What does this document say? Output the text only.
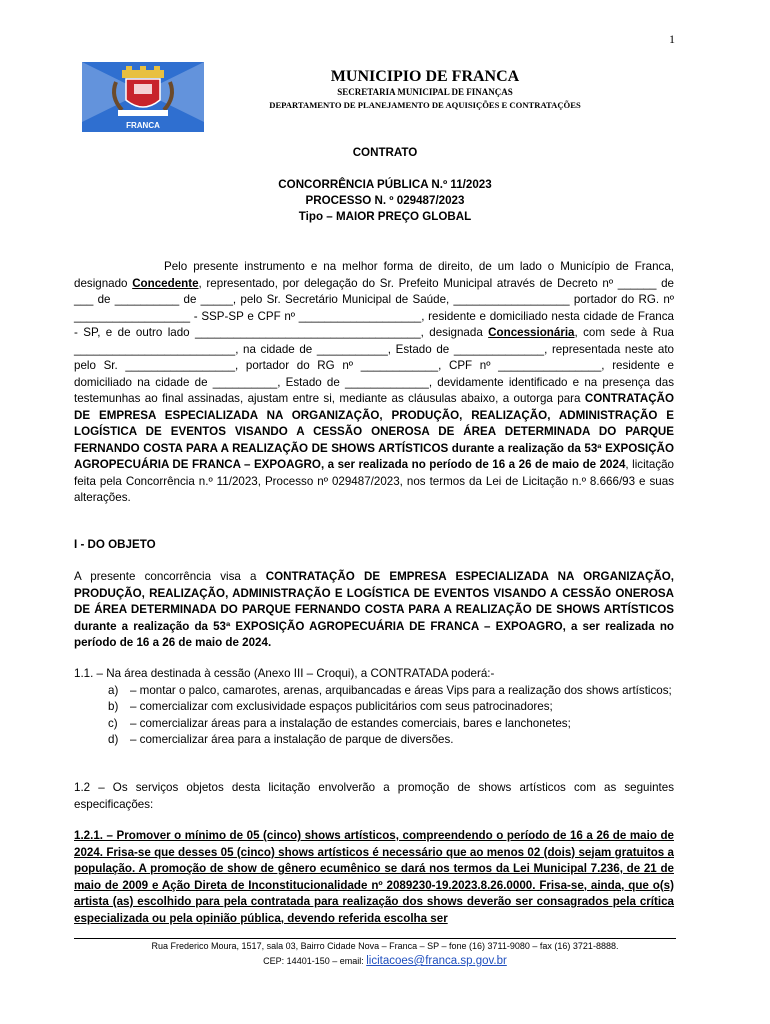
1
FRANCA
MUNICIPIO DE FRANCA
SECRETARIA MUNICIPAL DE FINANÇAS
DEPARTAMENTO DE PLANEJAMENTO DE AQUISIÇÕES E CONTRATAÇÕES
CONTRATO
CONCORRÊNCIA PÚBLICA N.º 11/2023
PROCESSO N. º 029487/2023
Tipo – MAIOR PREÇO GLOBAL

Pelo presente instrumento e na melhor forma de direito, de um lado o Município de Franca, designado Concedente, representado, por delegação do Sr. Prefeito Municipal através de Decreto nº ______ de ___ de __________ de _____, pelo Sr. Secretário Municipal de Saúde, __________________ portador do RG. nº __________________ - SSP-SP e CPF nº ___________________, residente e domiciliado nesta cidade de Franca - SP, e de outro lado ___________________________________, designada Concessionária, com sede à Rua _________________________, na cidade de ___________, Estado de ______________, representada neste ato pelo Sr. _________________, portador do RG nº ____________, CPF nº ________________, residente e domiciliado na cidade de __________, Estado de _____________, devidamente identificado e na presença das testemunhas ao final assinadas, ajustam entre si, mediante as cláusulas abaixo, a outorga para CONTRATAÇÃO DE EMPRESA ESPECIALIZADA NA ORGANIZAÇÃO, PRODUÇÃO, REALIZAÇÃO, ADMINISTRAÇÃO E LOGÍSTICA DE EVENTOS VISANDO A CESSÃO ONEROSA DE ÁREA DETERMINADA DO PARQUE FERNANDO COSTA PARA A REALIZAÇÃO DE SHOWS ARTÍSTICOS durante a realização da 53ª EXPOSIÇÃO AGROPECUÁRIA DE FRANCA – EXPOAGRO, a ser realizada no período de 16 a 26 de maio de 2024, licitação feita pela Concorrência n.º 11/2023, Processo nº 029487/2023, nos termos da Lei de Licitação n.º 8.666/93 e suas alterações.

I - DO OBJETO

A presente concorrência visa a CONTRATAÇÃO DE EMPRESA ESPECIALIZADA NA ORGANIZAÇÃO, PRODUÇÃO, REALIZAÇÃO, ADMINISTRAÇÃO E LOGÍSTICA DE EVENTOS VISANDO A CESSÃO ONEROSA DE ÁREA DETERMINADA DO PARQUE FERNANDO COSTA PARA A REALIZAÇÃO DE SHOWS ARTÍSTICOS durante a realização da 53ª EXPOSIÇÃO AGROPECUÁRIA DE FRANCA – EXPOAGRO, a ser realizada no período de 16 a 26 de maio de 2024.

1.1. – Na área destinada à cessão (Anexo III – Croqui), a CONTRATADA poderá:-
a)	– montar o palco, camarotes, arenas, arquibancadas e áreas Vips para a realização dos shows artísticos;
b)	– comercializar com exclusividade espaços publicitários com seus patrocinadores;
c)	– comercializar áreas para a instalação de estandes comerciais, bares e lanchonetes;
d)	– comercializar área para a instalação de parque de diversões.
1.2 – Os serviços objetos desta licitação envolverão a promoção de shows artísticos com as seguintes especificações:
1.2.1. – Promover o mínimo de 05 (cinco) shows artísticos, compreendendo o período de 16 a 26 de maio de 2024. Frisa-se que desses 05 (cinco) shows artísticos é necessário que ao menos 02 (dois) sejam gratuitos a população. A promoção de show de gênero ecumênico se dará nos termos da Lei Municipal 7.236, de 21 de maio de 2009 e Ação Direta de Inconstitucionalidade nº 2089230-19.2023.8.26.0000. Frisa-se, ainda, que o(s) artista (as) escolhido para pela contratada para realização dos shows deverão ser consagrados pela crítica especializada ou pela opinião pública, devendo referida escolha ser
Rua Frederico Moura, 1517, sala 03, Bairro Cidade Nova – Franca – SP – fone (16) 3711-9080 – fax (16) 3721-8888.
CEP: 14401-150 – email: licitacoes@franca.sp.gov.br
